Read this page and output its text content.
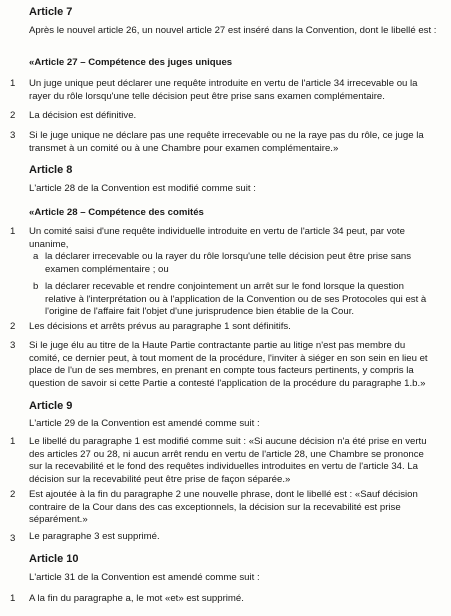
Article 7
Après le nouvel article 26, un nouvel article 27 est inséré dans la Convention, dont le libellé est :
«Article 27 – Compétence des juges uniques
1	Un juge unique peut déclarer une requête introduite en vertu de l'article 34 irrecevable ou la rayer du rôle lorsqu'une telle décision peut être prise sans examen complémentaire.
2	La décision est définitive.
3	Si le juge unique ne déclare pas une requête irrecevable ou ne la raye pas du rôle, ce juge la transmet à un comité ou à une Chambre pour examen complémentaire.»
Article 8
L'article 28 de la Convention est modifié comme suit :
«Article 28 – Compétence des comités
1	Un comité saisi d'une requête individuelle introduite en vertu de l'article 34 peut, par vote unanime,
a la déclarer irrecevable ou la rayer du rôle lorsqu'une telle décision peut être prise sans examen complémentaire ; ou
b la déclarer recevable et rendre conjointement un arrêt sur le fond lorsque la question relative à l'interprétation ou à l'application de la Convention ou de ses Protocoles qui est à l'origine de l'affaire fait l'objet d'une jurisprudence bien établie de la Cour.
2	Les décisions et arrêts prévus au paragraphe 1 sont définitifs.
3	Si le juge élu au titre de la Haute Partie contractante partie au litige n'est pas membre du comité, ce dernier peut, à tout moment de la procédure, l'inviter à siéger en son sein en lieu et place de l'un de ses membres, en prenant en compte tous facteurs pertinents, y compris la question de savoir si cette Partie a contesté l'application de la procédure du paragraphe 1.b.»
Article 9
L'article 29 de la Convention est amendé comme suit :
1	Le libellé du paragraphe 1 est modifié comme suit : «Si aucune décision n'a été prise en vertu des articles 27 ou 28, ni aucun arrêt rendu en vertu de l'article 28, une Chambre se prononce sur la recevabilité et le fond des requêtes individuelles introduites en vertu de l'article 34. La décision sur la recevabilité peut être prise de façon séparée.»
2	Est ajoutée à la fin du paragraphe 2 une nouvelle phrase, dont le libellé est : «Sauf décision contraire de la Cour dans des cas exceptionnels, la décision sur la recevabilité est prise séparément.»
3	Le paragraphe 3 est supprimé.
Article 10
L'article 31 de la Convention est amendé comme suit :
1	A la fin du paragraphe a, le mot «et» est supprimé.
